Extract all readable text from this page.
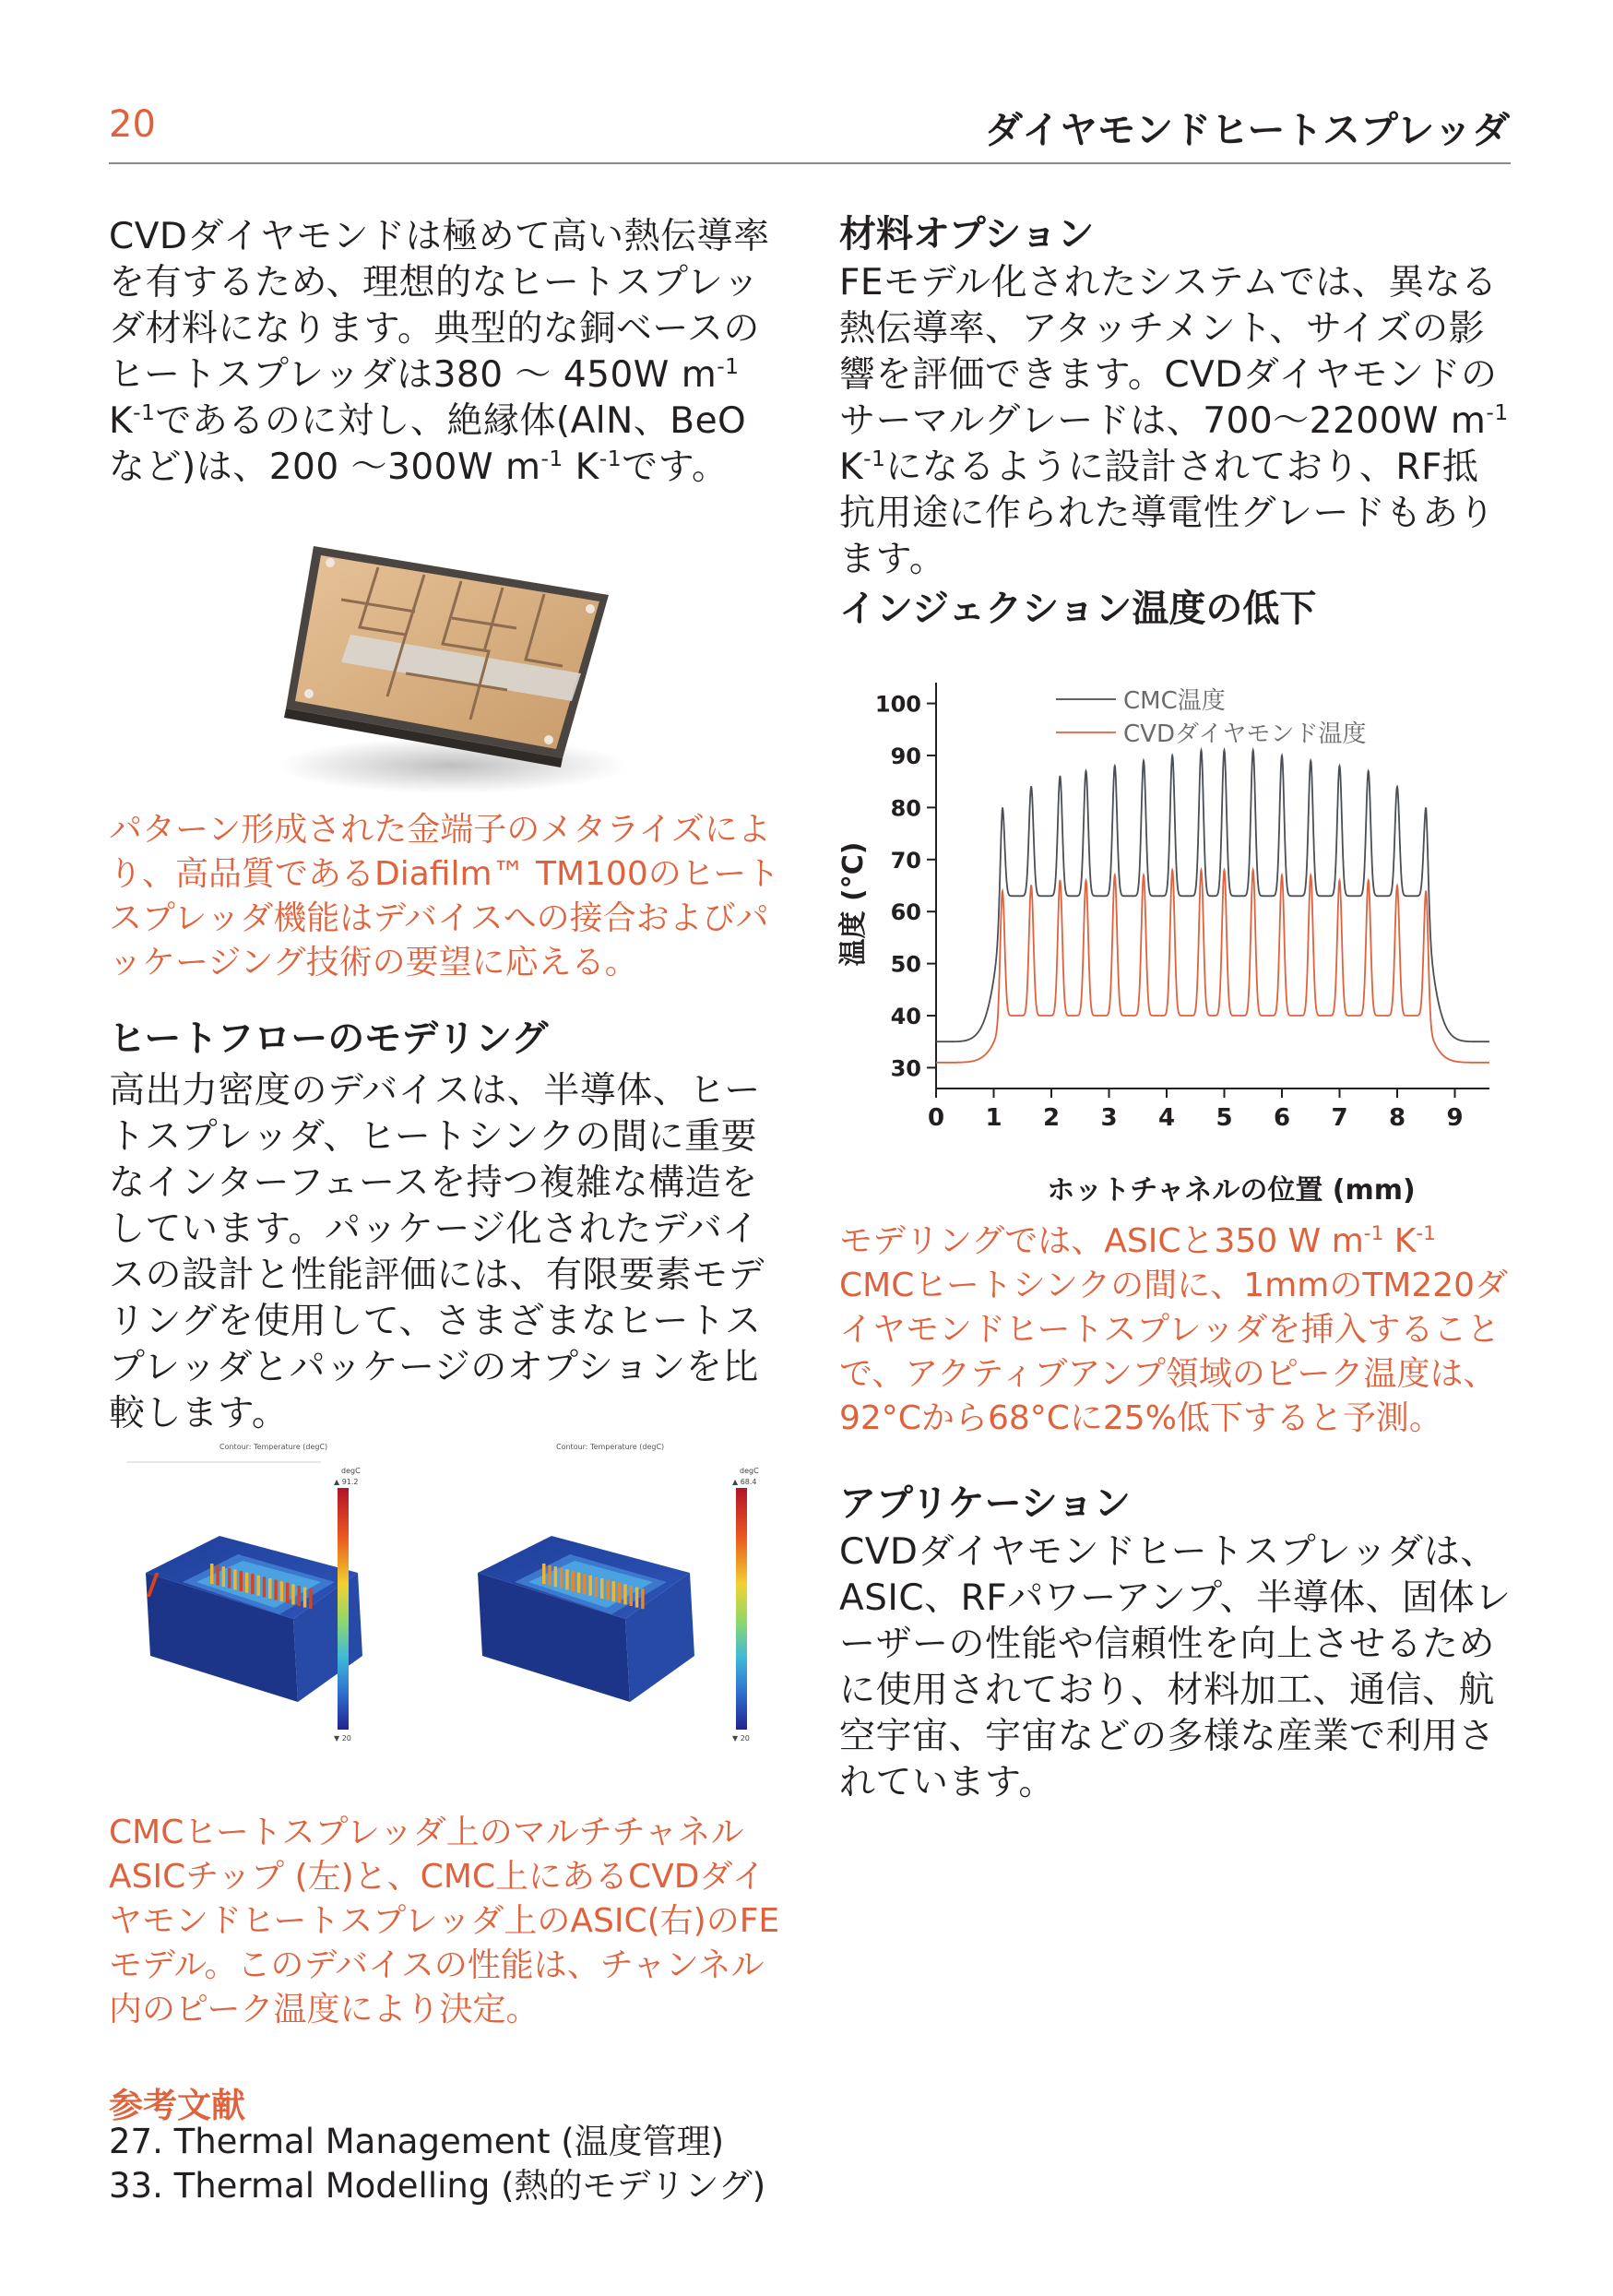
20	ダイヤモンドヒートスプレッダ

CVDダイヤモンドは極めて高い熱伝導率を有するため、理想的なヒートスプレッダ材料になります。典型的な銅ベースのヒートスプレッダは380 ～ 450W $m^{-1}$ $K^{-1}$であるのに対し、絶縁体(AlN、BeOなど)は、200 ～300W $m^{-1}$ $K^{-1}$です。

パターン形成された金端子のメタライズにより、高品質であるDiafilm™ TM100のヒートスプレッダ機能はデバイスへの接合およびパッケージング技術の要望に応える。

ヒートフローのモデリング

高出力密度のデバイスは、半導体、ヒートスプレッダ、ヒートシンクの間に重要なインターフェースを持つ複雑な構造をしています。パッケージ化されたデバイスの設計と性能評価には、有限要素モデリングを使用して、さまざまなヒートスプレッダとパッケージのオプションを比較します。

Contour: Temperature (degC)	Contour: Temperature (degC)
degC
▲ 91.2
▼ 20
degC
▲ 68.4
▼ 20

CMCヒートスプレッダ上のマルチチャネルASICチップ (左)と、CMC上にあるCVDダイヤモンドヒートスプレッダ上のASIC(右)のFEモデル。このデバイスの性能は、チャンネル内のピーク温度により決定。

参考文献
27. Thermal Management (温度管理)
33. Thermal Modelling (熱的モデリング)

材料オプション

FEモデル化されたシステムでは、異なる熱伝導率、アタッチメント、サイズの影響を評価できます。CVDダイヤモンドのサーマルグレードは、700～2200W $m^{-1}$ $K^{-1}$になるように設計されており、RF抵抗用途に作られた導電性グレードもあります。

インジェクション温度の低下

0 1 2 3 4 5 6 7 8 9
30
40
50
60
70
80
90
100	CMC温度
CVDダイヤモンド温度
ホットチャネルの位置 (mm)
温度 (°C)

モデリングでは、ASICと350 W $m^{-1}$ $K^{-1}$ CMCヒートシンクの間に、1mmのTM220ダイヤモンドヒートスプレッダを挿入することで、アクティブアンプ領域のピーク温度は、92°Cから68°Cに25%低下すると予測。

アプリケーション

CVDダイヤモンドヒートスプレッダは、ASIC、RFパワーアンプ、半導体、固体レーザーの性能や信頼性を向上させるために使用されており、材料加工、通信、航空宇宙、宇宙などの多様な産業で利用されています。
